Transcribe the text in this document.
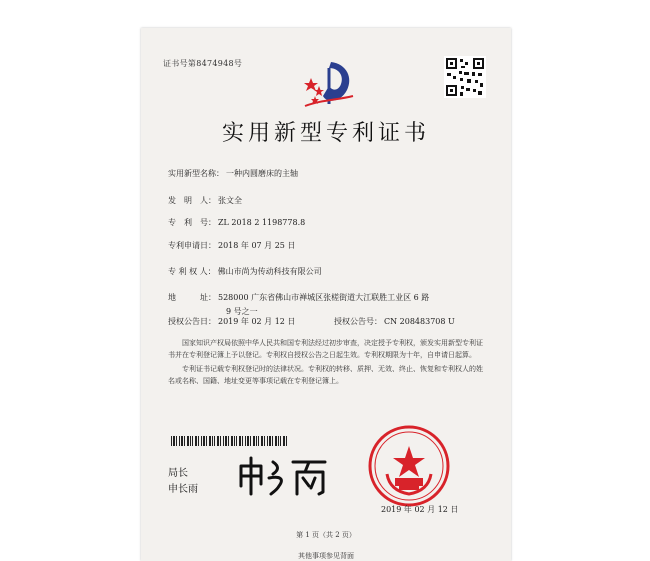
证书号第8474948号
实用新型专利证书
实用新型名称： 一种内圆磨床的主轴
发　明　人： 张文全
专　利　号： ZL 2018 2 1198778.8
专利申请日： 2018 年 07 月 25 日
专 利 权 人： 佛山市尚为传动科技有限公司
地　　　址： 528000 广东省佛山市禅城区张槎街道大江联胜工业区 6 路
9 号之一
授权公告日： 2019 年 02 月 12 日	授权公告号： CN 208483708 U

国家知识产权局依照中华人民共和国专利法经过初步审查，决定授予专利权，颁发实用新型专利证书并在专利登记簿上予以登记。专利权自授权公告之日起生效。专利权期限为十年，自申请日起算。

专利证书记载专利权登记时的法律状况。专利权的转移、质押、无效、终止、恢复和专利权人的姓名或名称、国籍、地址变更等事项记载在专利登记簿上。

局长
申长雨
2019 年 02 月 12 日
第 1 页（共 2 页）
其他事项参见背面
